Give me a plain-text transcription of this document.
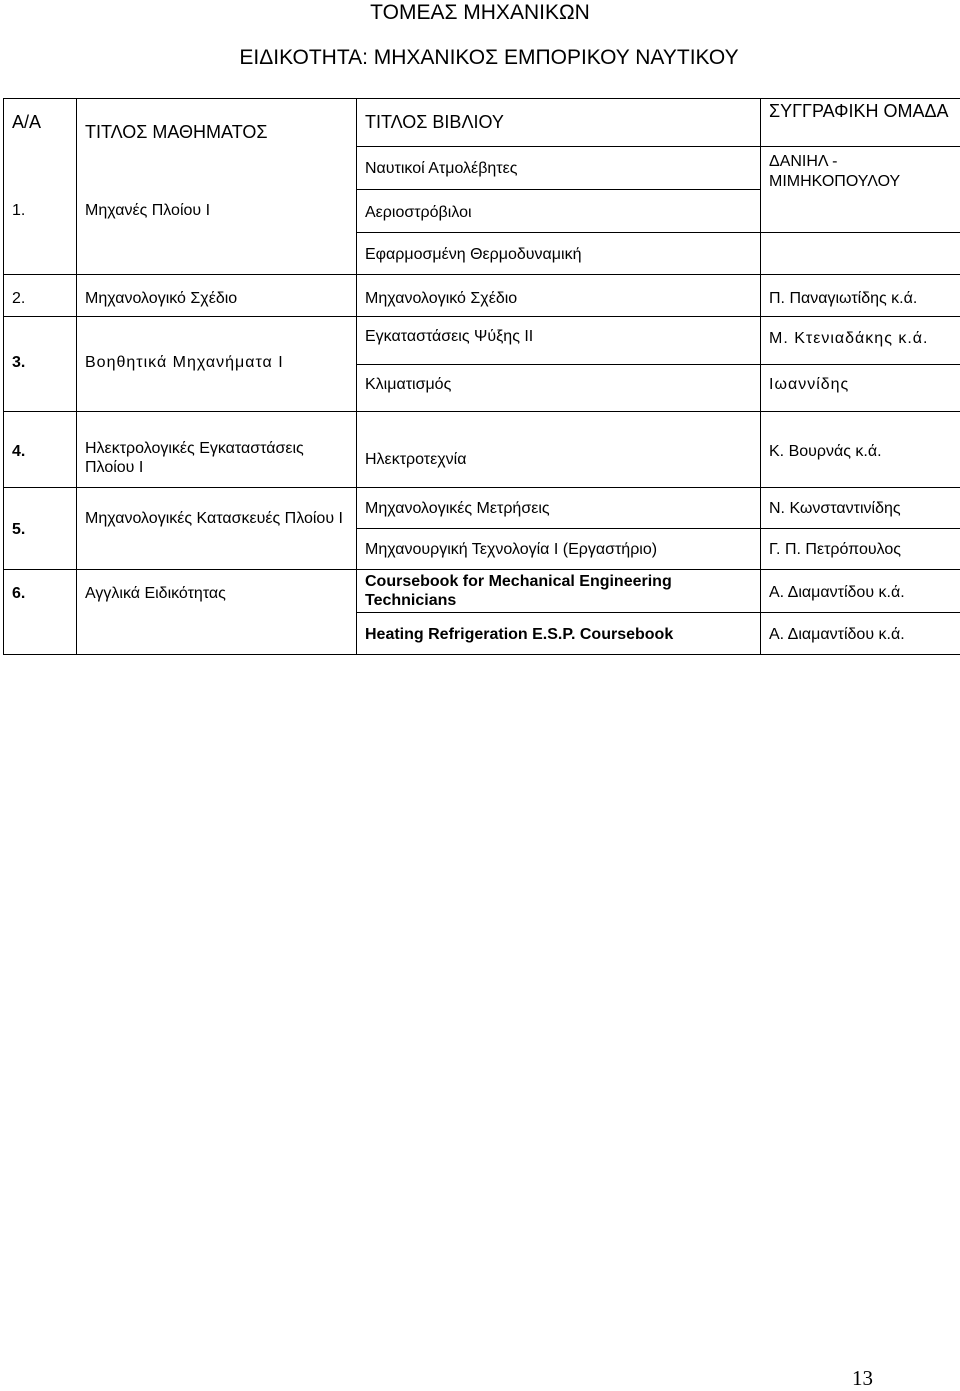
ΤΟΜΕΑΣ ΜΗΧΑΝΙΚΩΝ
ΕΙΔΙΚΟΤΗΤΑ: ΜΗΧΑΝΙΚΟΣ ΕΜΠΟΡΙΚΟΥ ΝΑΥΤΙΚΟΥ
Α/Α	ΤΙΤΛΟΣ ΜΑΘΗΜΑΤΟΣ	ΤΙΤΛΟΣ ΒΙΒΛΙΟΥ	ΣΥΓΓΡΑΦΙΚΗ ΟΜΑΔΑ

1.	Μηχανές Πλοίου Ι	Ναυτικοί Ατμολέβητες	ΔΑΝΙΗΛ - ΜΙΜΗΚΟΠΟΥΛΟΥ

		Αεριοστρόβιλοι	

		Εφαρμοσμένη Θερμοδυναμική	

2.	Μηχανολογικό Σχέδιο	Μηχανολογικό Σχέδιο	Π. Παναγιωτίδης κ.ά.

3.	Βοηθητικά Μηχανήματα Ι	Εγκαταστάσεις Ψύξης ΙΙ	Μ. Κτενιαδάκης κ.ά.

		Κλιματισμός	Ιωαννίδης

4.	Ηλεκτρολογικές Εγκαταστάσεις Πλοίου Ι	Ηλεκτροτεχνία	Κ. Βουρνάς κ.ά.

5.	Μηχανολογικές Κατασκευές Πλοίου Ι	Μηχανολογικές Μετρήσεις	Ν. Κωνσταντινίδης

		Μηχανουργική Τεχνολογία Ι (Εργαστήριο)	Γ. Π. Πετρόπουλος

6.	Αγγλικά Ειδικότητας	Coursebook for Mechanical Engineering Technicians	Α. Διαμαντίδου κ.ά.

		Heating Refrigeration E.S.P. Coursebook	Α. Διαμαντίδου κ.ά.
13
